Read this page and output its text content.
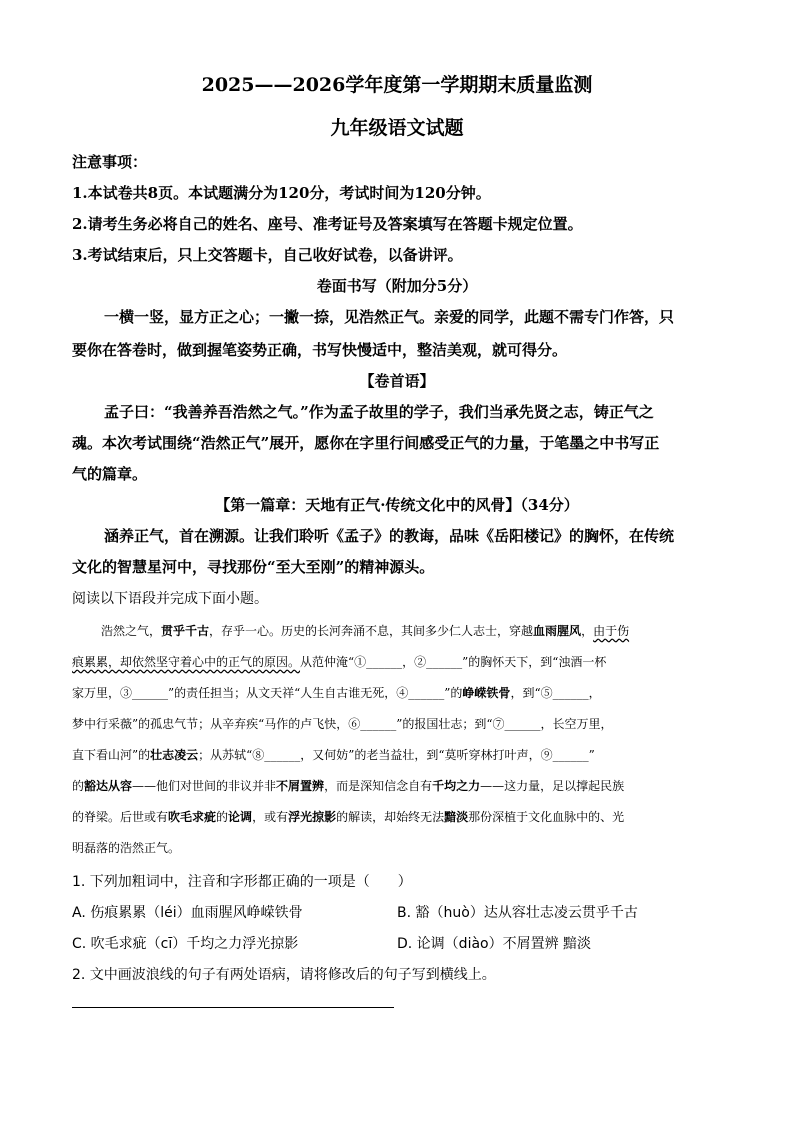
2025——2026学年度第一学期期末质量监测
九年级语文试题
注意事项：
1.本试卷共8页。本试题满分为120分，考试时间为120分钟。
2.请考生务必将自己的姓名、座号、准考证号及答案填写在答题卡规定位置。
3.考试结束后，只上交答题卡，自己收好试卷，以备讲评。
卷面书写（附加分5分）
一横一竖，显方正之心；一撇一捺，见浩然正气。亲爱的同学，此题不需专门作答，只
要你在答卷时，做到握笔姿势正确，书写快慢适中，整洁美观，就可得分。
【卷首语】
孟子曰：“我善养吾浩然之气。”作为孟子故里的学子，我们当承先贤之志，铸正气之
魂。本次考试围绕“浩然正气”展开，愿你在字里行间感受正气的力量，于笔墨之中书写正
气的篇章。
【第一篇章：天地有正气·传统文化中的风骨】（34分）
涵养正气，首在溯源。让我们聆听《孟子》的教诲，品味《岳阳楼记》的胸怀，在传统
文化的智慧星河中，寻找那份“至大至刚”的精神源头。
阅读以下语段并完成下面小题。
浩然之气，贯乎千古，存乎一心。历史的长河奔涌不息，其间多少仁人志士，穿越血雨腥风，由于伤
痕累累，却依然坚守着心中的正气的原因。从范仲淹“①______，②______”的胸怀天下，到“浊酒一杯
家万里，③______”的责任担当；从文天祥“人生自古谁无死，④______”的峥嵘铁骨，到“⑤______，
梦中行采薇”的孤忠气节；从辛弃疾“马作的卢飞快，⑥______”的报国壮志；到“⑦______，长空万里，
直下看山河”的壮志凌云；从苏轼“⑧______，又何妨”的老当益壮，到“莫听穿林打叶声，⑨______”
的豁达从容——他们对世间的非议并非不屑置辨，而是深知信念自有千均之力——这力量，足以撑起民族
的脊梁。后世或有吹毛求疵的论调，或有浮光掠影的解读，却始终无法黯淡那份深植于文化血脉中的、光
明磊落的浩然正气。
1. 下列加粗词中，注音和字形都正确的一项是（　　）
A. 伤痕累累（léi）血雨腥风峥嵘铁骨	B. 豁（huò）达从容壮志凌云贯乎千古
C. 吹毛求疵（cī）千均之力浮光掠影	D. 论调（diào）不屑置辨 黯淡
2. 文中画波浪线的句子有两处语病，请将修改后的句子写到横线上。
